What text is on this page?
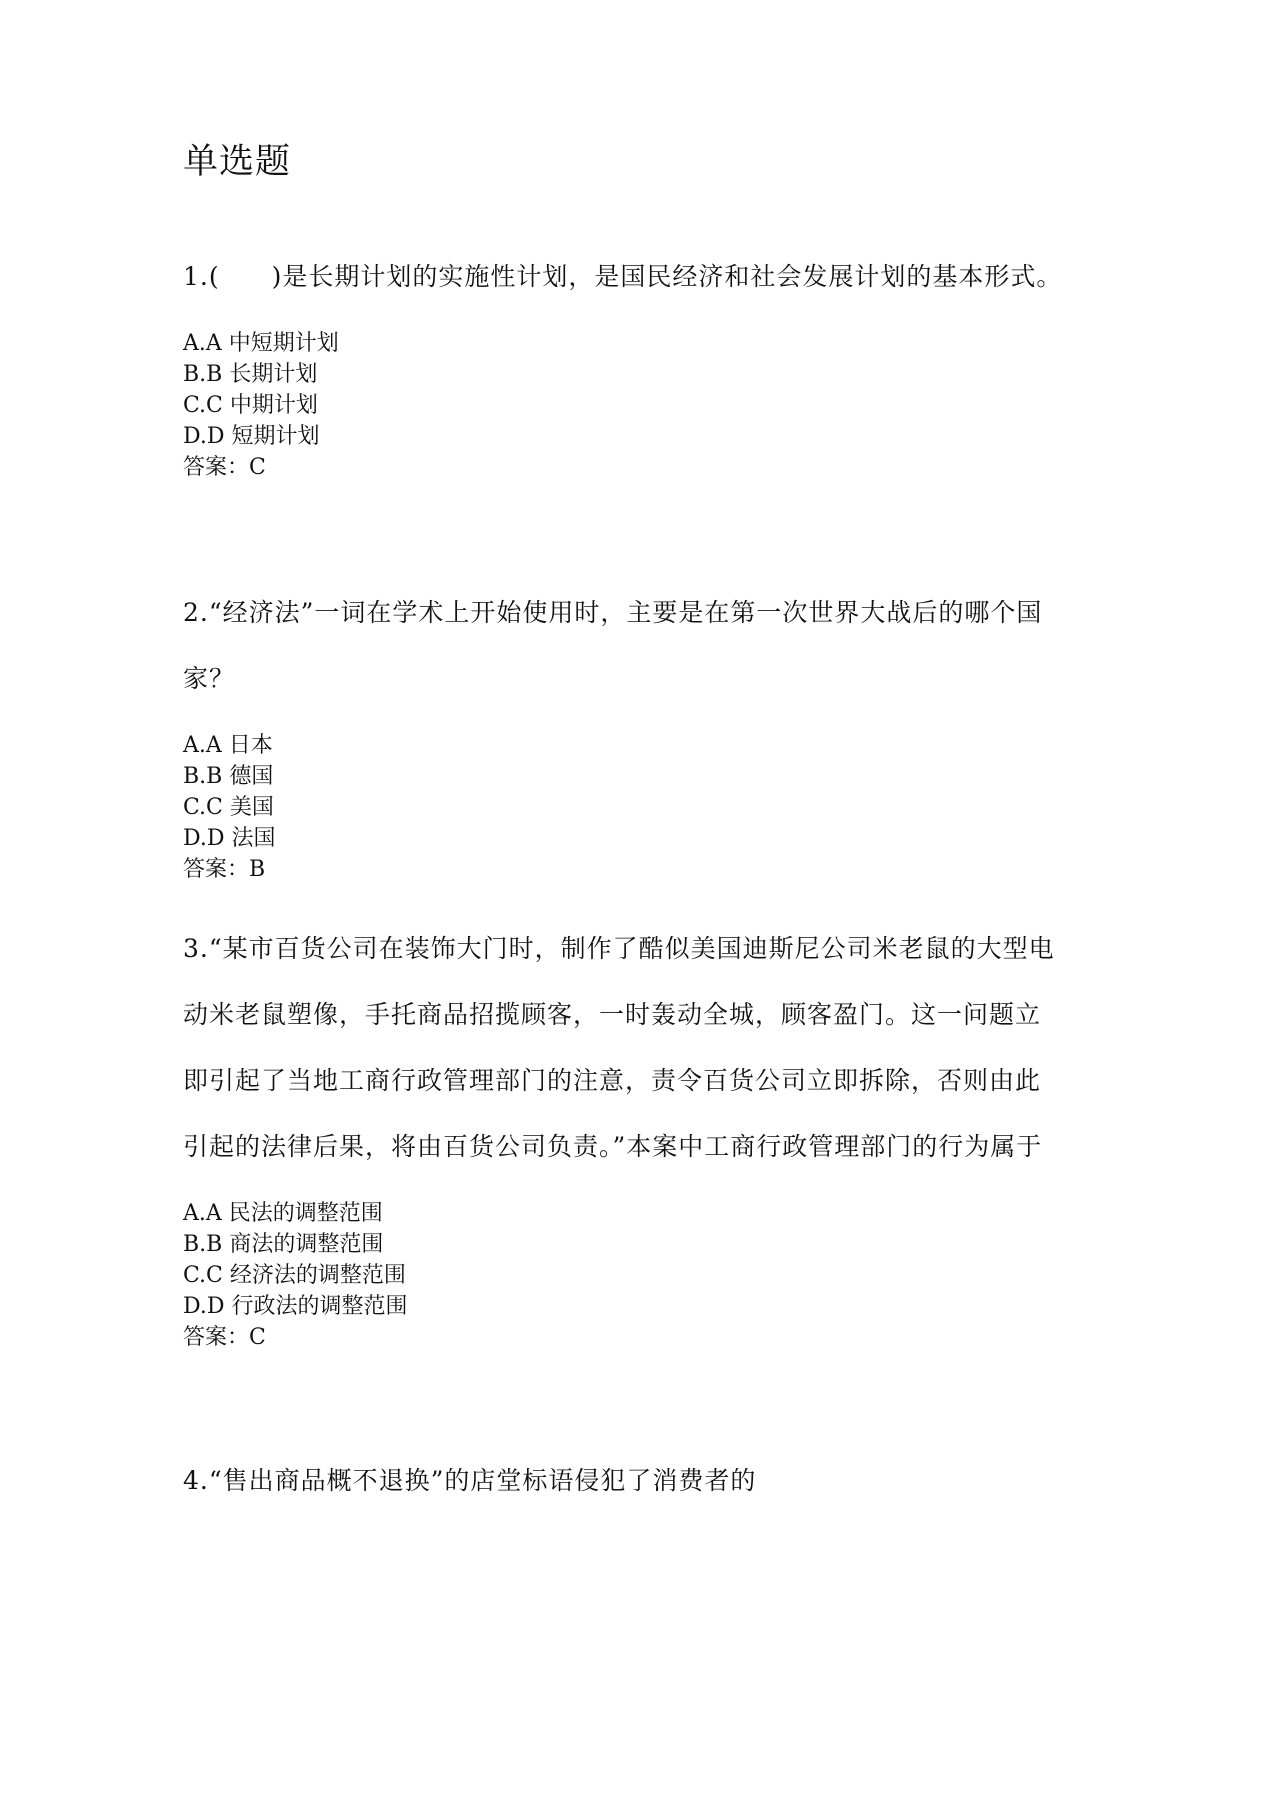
单选题

1.(　　)是长期计划的实施性计划，是国民经济和社会发展计划的基本形式。

A.A 中短期计划
B.B 长期计划
C.C 中期计划
D.D 短期计划

答案：C

2.“经济法”一词在学术上开始使用时，主要是在第一次世界大战后的哪个国家？

A.A 日本
B.B 德国
C.C 美国
D.D 法国

答案：B

3.“某市百货公司在装饰大门时，制作了酷似美国迪斯尼公司米老鼠的大型电动米老鼠塑像，手托商品招揽顾客，一时轰动全城，顾客盈门。这一问题立即引起了当地工商行政管理部门的注意，责令百货公司立即拆除，否则由此引起的法律后果，将由百货公司负责。”本案中工商行政管理部门的行为属于

A.A 民法的调整范围
B.B 商法的调整范围
C.C 经济法的调整范围
D.D 行政法的调整范围

答案：C

4.“售出商品概不退换”的店堂标语侵犯了消费者的
